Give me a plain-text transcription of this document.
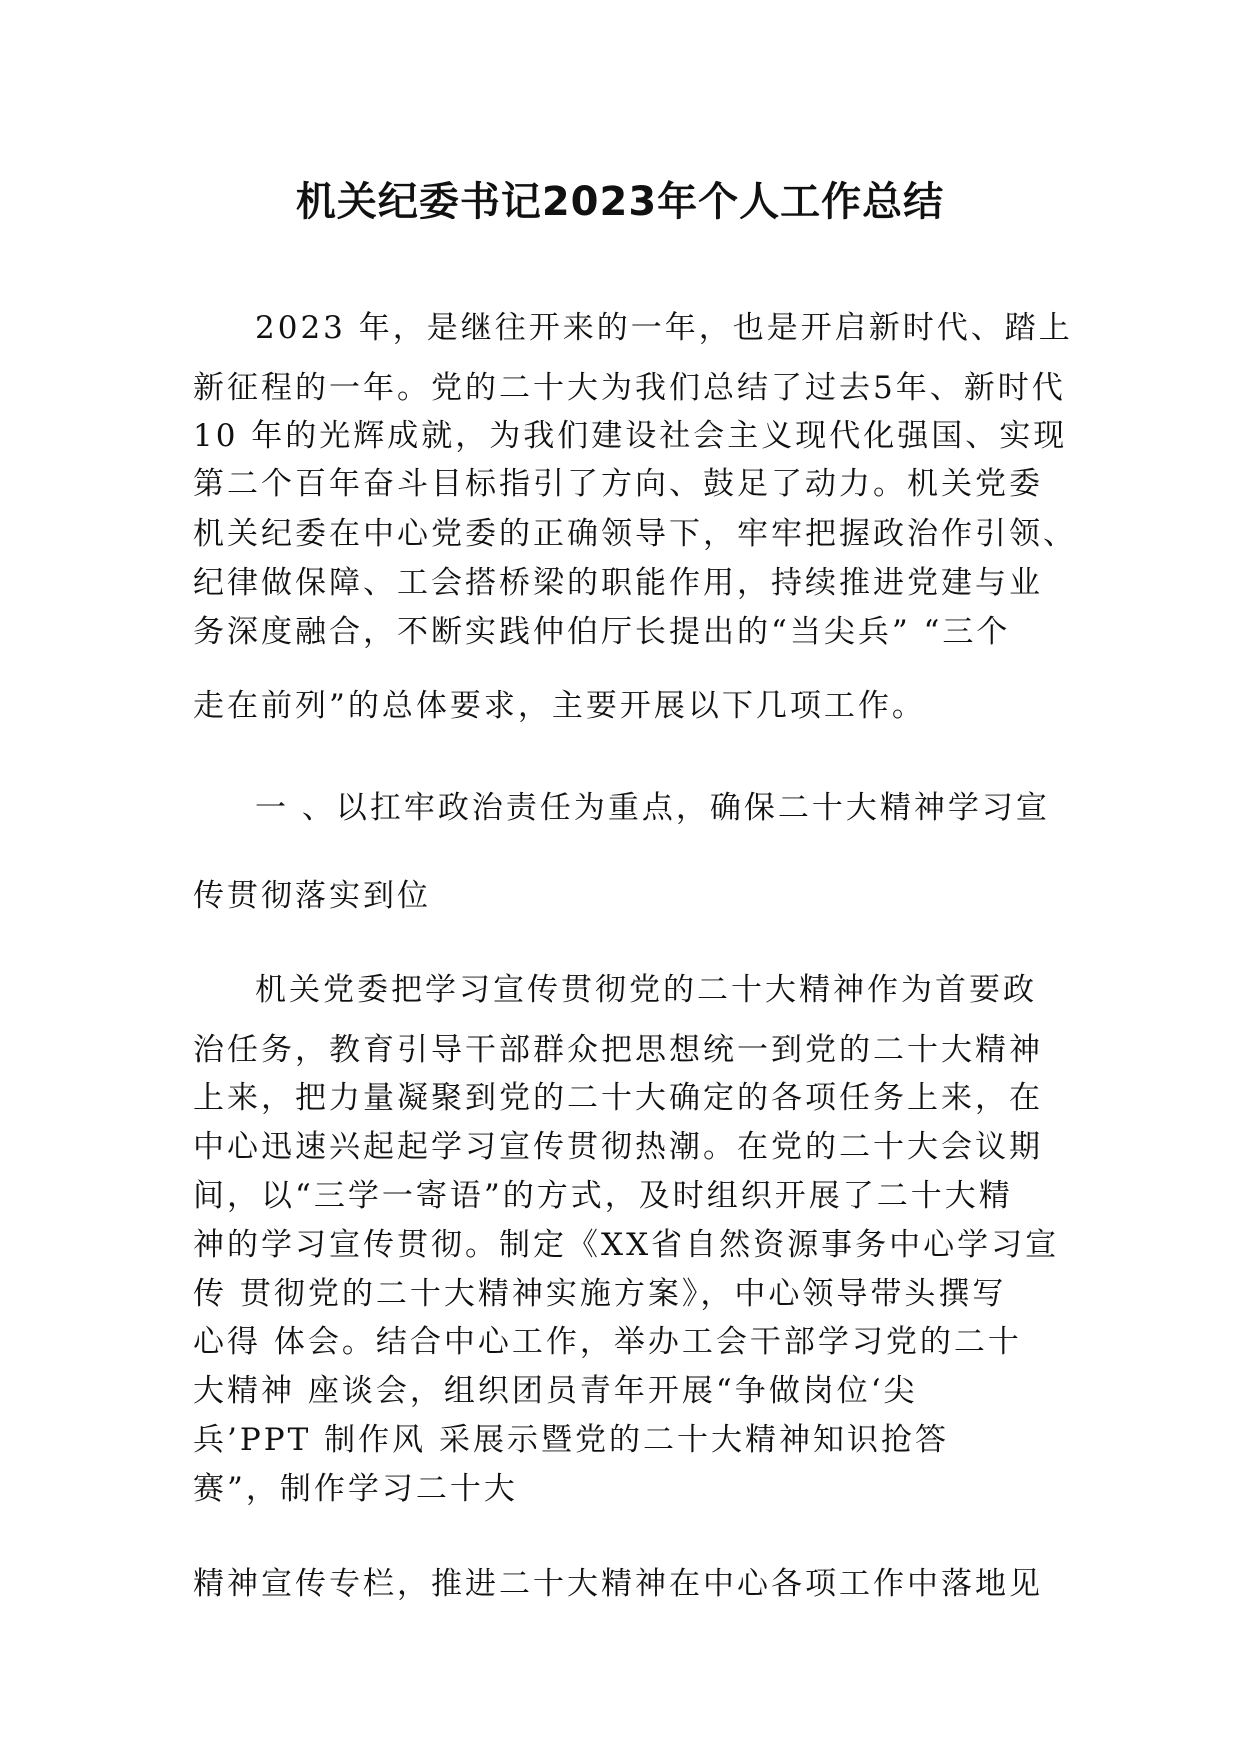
机关纪委书记2023年个人工作总结
2023 年，是继往开来的一年，也是开启新时代、踏上
新征程的一年。党的二十大为我们总结了过去5年、新时代
10 年的光辉成就，为我们建设社会主义现代化强国、实现
第二个百年奋斗目标指引了方向、鼓足了动力。机关党委
机关纪委在中心党委的正确领导下，牢牢把握政治作引领、
纪律做保障、工会搭桥梁的职能作用，持续推进党建与业
务深度融合，不断实践仲伯厅长提出的“当尖兵” “三个
走在前列”的总体要求，主要开展以下几项工作。
一 、以扛牢政治责任为重点，确保二十大精神学习宣
传贯彻落实到位
机关党委把学习宣传贯彻党的二十大精神作为首要政
治任务，教育引导干部群众把思想统一到党的二十大精神
上来，把力量凝聚到党的二十大确定的各项任务上来，在
中心迅速兴起起学习宣传贯彻热潮。在党的二十大会议期
间，以“三学一寄语”的方式，及时组织开展了二十大精
神的学习宣传贯彻。制定《XX省自然资源事务中心学习宣
传 贯彻党的二十大精神实施方案》，中心领导带头撰写
心得 体会。结合中心工作，举办工会干部学习党的二十
大精神 座谈会，组织团员青年开展“争做岗位‘尖
兵’PPT 制作风 采展示暨党的二十大精神知识抢答
赛”，制作学习二十大
精神宣传专栏，推进二十大精神在中心各项工作中落地见
